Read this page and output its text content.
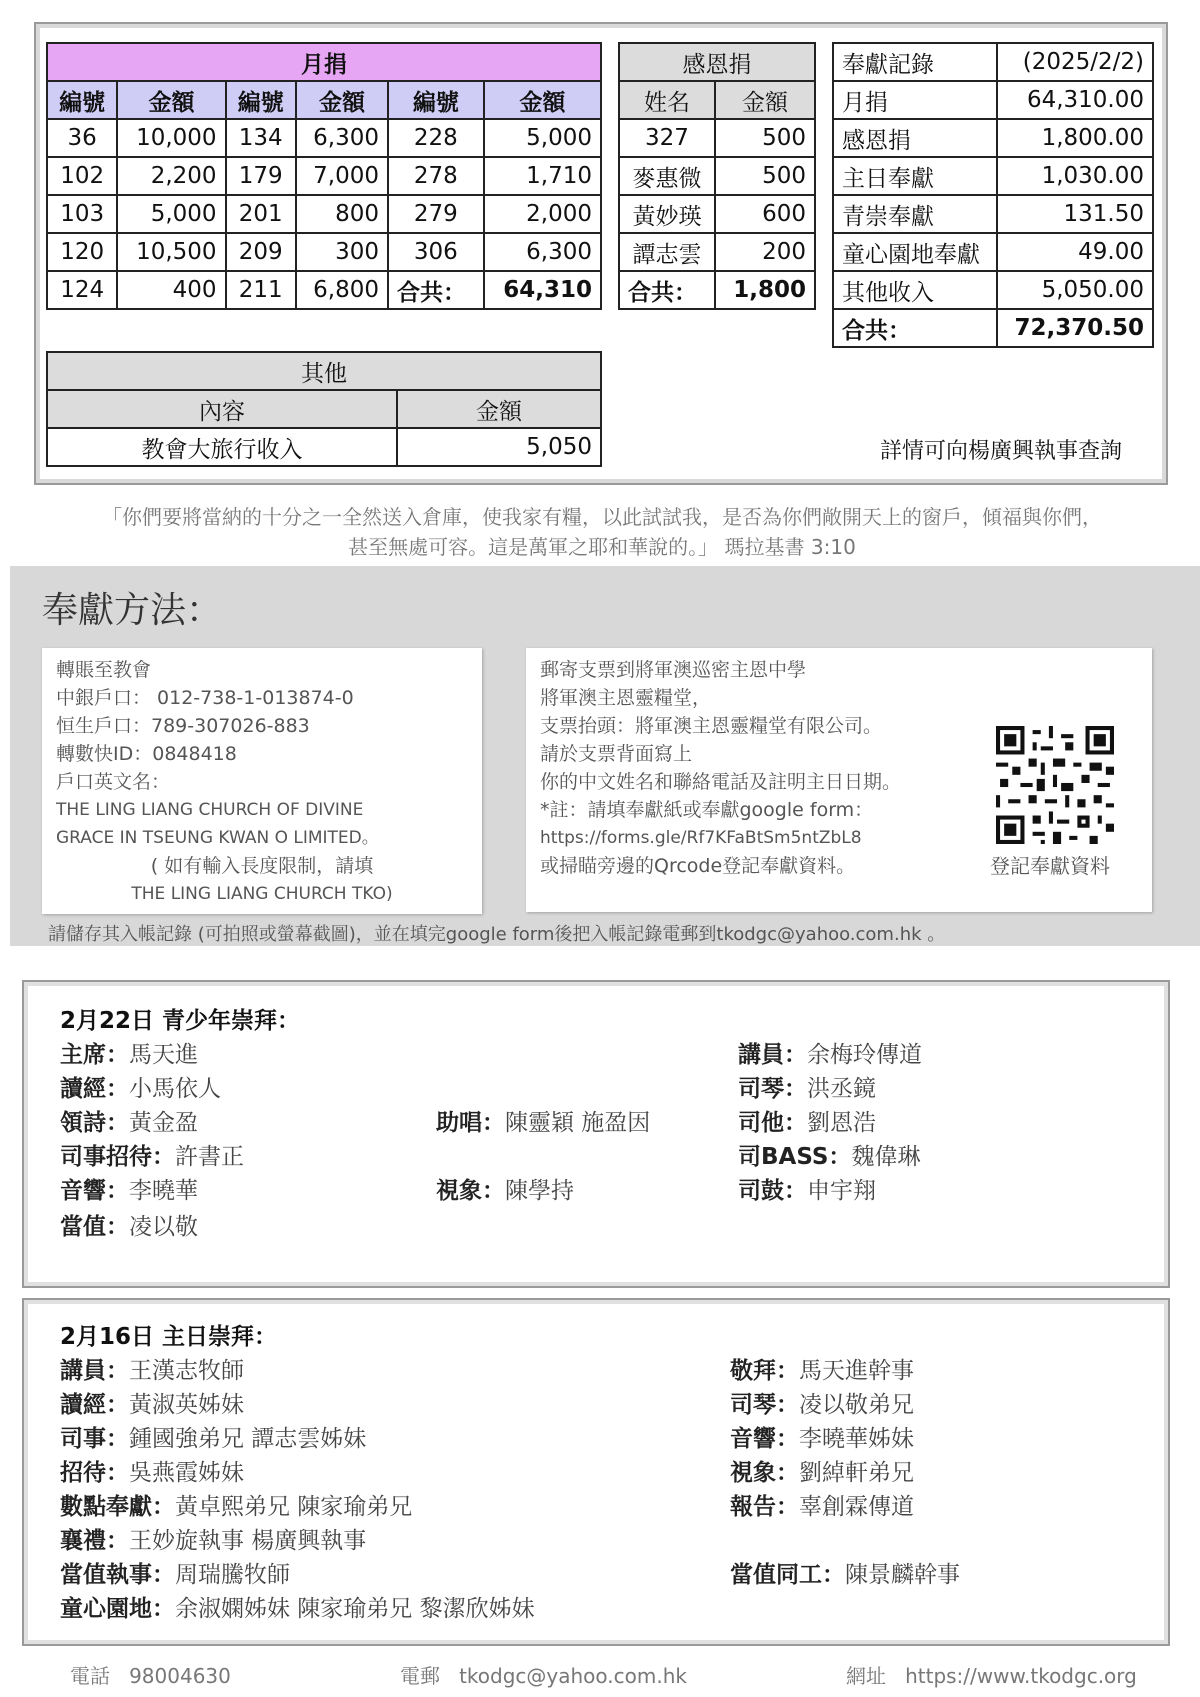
月捐					
編號	金額	編號	金額	編號	金額
36	10,000	134	6,300	228	5,000
102	2,200	179	7,000	278	1,710
103	5,000	201	800	279	2,000
120	10,500	209	300	306	6,300
124	400	211	6,800	合共：	64,310
感恩捐	
姓名	金額
327	500
麥惠微	500
黃妙瑛	600
譚志雲	200
合共：	1,800
奉獻記錄	(2025/2/2)
月捐	64,310.00
感恩捐	1,800.00
主日奉獻	1,030.00
青崇奉獻	131.50
童心園地奉獻	49.00
其他收入	5,050.00
合共：	72,370.50
其他	
內容	金額
教會大旅行收入	5,050	詳情可向楊廣興執事查詢
「你們要將當納的十分之一全然送入倉庫，使我家有糧，以此試試我，是否為你們敞開天上的窗戶，傾福與你們，
甚至無處可容。這是萬軍之耶和華說的。」 瑪拉基書 3:10
奉獻方法：
轉賬至教會
中銀戶口： 012-738-1-013874-0
恒生戶口：789-307026-883
轉數快ID：0848418
戶口英文名：
THE LING LIANG CHURCH OF DIVINE
GRACE IN TSEUNG KWAN O LIMITED。
( 如有輸入長度限制，請填
THE LING LIANG CHURCH TKO)
郵寄支票到將軍澳巡密主恩中學
將軍澳主恩靈糧堂，
支票抬頭：將軍澳主恩靈糧堂有限公司。
請於支票背面寫上
你的中文姓名和聯絡電話及註明主日日期。
*註：請填奉獻紙或奉獻google form：
https://forms.gle/Rf7KFaBtSm5ntZbL8
或掃瞄旁邊的Qrcode登記奉獻資料。	登記奉獻資料
請儲存其入帳記錄 (可拍照或螢幕截圖)，並在填完google form後把入帳記錄電郵到tkodgc@yahoo.com.hk 。
2月22日 青少年崇拜：
主席：馬天進
讀經：小馬依人
領詩：黃金盈
司事招待：許書正
音響：李曉華
當值：凌以敬
助唱：陳靈穎 施盈因
視象：陳學持
講員：余梅玲傳道
司琴：洪丞鏡
司他：劉恩浩
司BASS：魏偉琳
司鼓：申宇翔
2月16日 主日崇拜：
講員：王漢志牧師
讀經：黃淑英姊妹
司事：鍾國強弟兄 譚志雲姊妹
招待：吳燕霞姊妹
數點奉獻：黃卓熙弟兄 陳家瑜弟兄
襄禮：王妙旋執事 楊廣興執事
當值執事：周瑞騰牧師
童心園地：余淑嫻姊妹 陳家瑜弟兄 黎潔欣姊妹
敬拜：馬天進幹事
司琴：凌以敬弟兄
音響：李曉華姊妹
視象：劉綽軒弟兄
報告：辜創霖傳道
當值同工：陳景麟幹事
電話 98004630	電郵 tkodgc@yahoo.com.hk	網址 https://www.tkodgc.org
